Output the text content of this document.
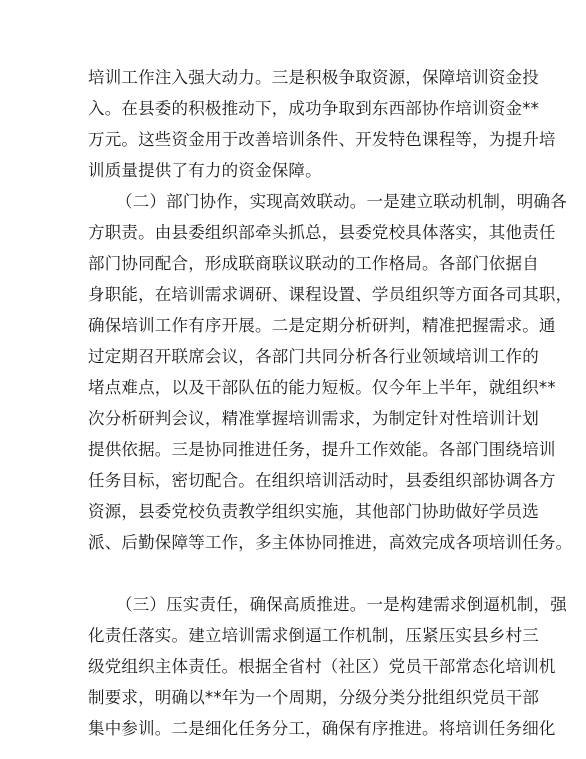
培训工作注入强大动力。三是积极争取资源，保障培训资金投
入。在县委的积极推动下，成功争取到东西部协作培训资金**
万元。这些资金用于改善培训条件、开发特色课程等，为提升培
训质量提供了有力的资金保障。
（二）部门协作，实现高效联动。一是建立联动机制，明确各
方职责。由县委组织部牵头抓总，县委党校具体落实，其他责任
部门协同配合，形成联商联议联动的工作格局。各部门依据自
身职能，在培训需求调研、课程设置、学员组织等方面各司其职，
确保培训工作有序开展。二是定期分析研判，精准把握需求。通
过定期召开联席会议，各部门共同分析各行业领域培训工作的
堵点难点，以及干部队伍的能力短板。仅今年上半年，就组织**
次分析研判会议，精准掌握培训需求，为制定针对性培训计划
提供依据。三是协同推进任务，提升工作效能。各部门围绕培训
任务目标，密切配合。在组织培训活动时，县委组织部协调各方
资源，县委党校负责教学组织实施，其他部门协助做好学员选
派、后勤保障等工作，多主体协同推进，高效完成各项培训任务。
（三）压实责任，确保高质推进。一是构建需求倒逼机制，强
化责任落实。建立培训需求倒逼工作机制，压紧压实县乡村三
级党组织主体责任。根据全省村（社区）党员干部常态化培训机
制要求，明确以**年为一个周期，分级分类分批组织党员干部
集中参训。二是细化任务分工，确保有序推进。将培训任务细化
